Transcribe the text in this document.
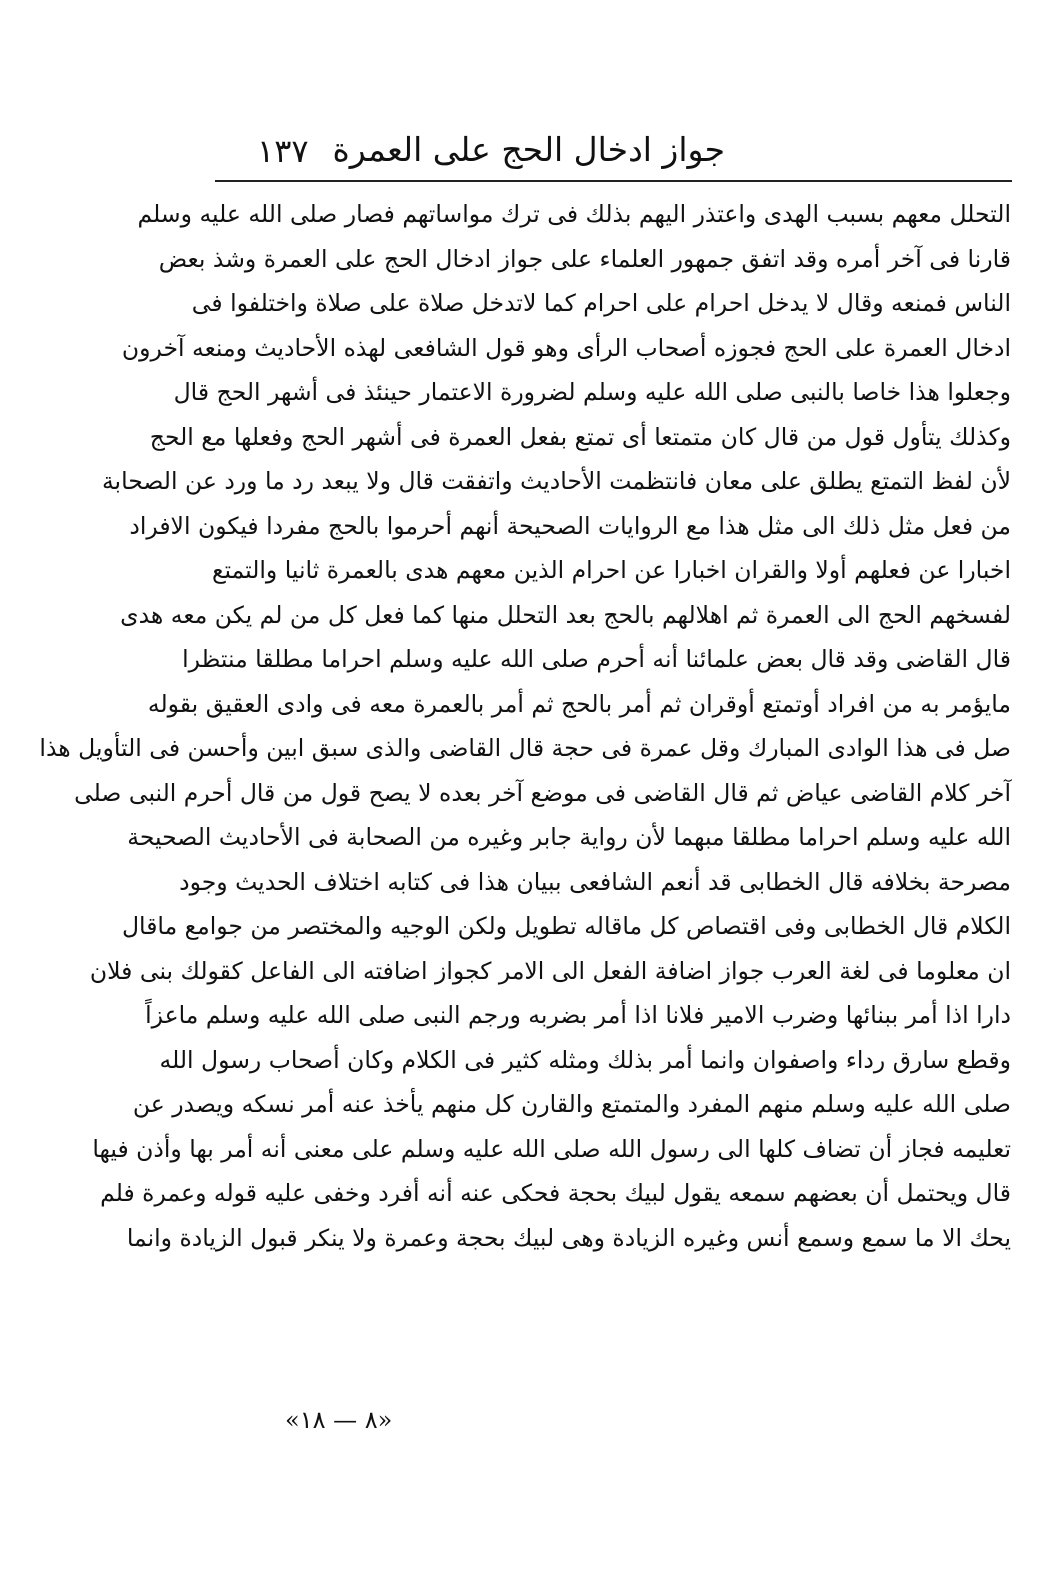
جواز ادخال الحج على العمرة
١٣٧
التحلل معهم بسبب الهدى واعتذر اليهم بذلك فى ترك مواساتهم فصار صلى الله عليه وسلم
قارنا فى آخر أمره وقد اتفق جمهور العلماء على جواز ادخال الحج على العمرة وشذ بعض
الناس فمنعه وقال لا يدخل احرام على احرام كما لاتدخل صلاة على صلاة واختلفوا فى
ادخال العمرة على الحج فجوزه أصحاب الرأى وهو قول الشافعى لهذه الأحاديث ومنعه آخرون
وجعلوا هذا خاصا بالنبى صلى الله عليه وسلم لضرورة الاعتمار حينئذ فى أشهر الحج قال
وكذلك يتأول قول من قال كان متمتعا أى تمتع بفعل العمرة فى أشهر الحج وفعلها مع الحج
لأن لفظ التمتع يطلق على معان فانتظمت الأحاديث واتفقت قال ولا يبعد رد ما ورد عن الصحابة
من فعل مثل ذلك الى مثل هذا مع الروايات الصحيحة أنهم أحرموا بالحج مفردا فيكون الافراد
اخبارا عن فعلهم أولا والقران اخبارا عن احرام الذين معهم هدى بالعمرة ثانيا والتمتع
لفسخهم الحج الى العمرة ثم اهلالهم بالحج بعد التحلل منها كما فعل كل من لم يكن معه هدى
قال القاضى وقد قال بعض علمائنا أنه أحرم صلى الله عليه وسلم احراما مطلقا منتظرا
مايؤمر به من افراد أوتمتع أوقران ثم أمر بالحج ثم أمر بالعمرة معه فى وادى العقيق بقوله
صل فى هذا الوادى المبارك وقل عمرة فى حجة قال القاضى والذى سبق ابين وأحسن فى التأويل هذا
آخر كلام القاضى عياض ثم قال القاضى فى موضع آخر بعده لا يصح قول من قال أحرم النبى صلى
الله عليه وسلم احراما مطلقا مبهما لأن رواية جابر وغيره من الصحابة فى الأحاديث الصحيحة
مصرحة بخلافه قال الخطابى قد أنعم الشافعى ببيان هذا فى كتابه اختلاف الحديث وجود
الكلام قال الخطابى وفى اقتصاص كل ماقاله تطويل ولكن الوجيه والمختصر من جوامع ماقال
ان معلوما فى لغة العرب جواز اضافة الفعل الى الامر كجواز اضافته الى الفاعل كقولك بنى فلان
دارا اذا أمر ببنائها وضرب الامير فلانا اذا أمر بضربه ورجم النبى صلى الله عليه وسلم ماعزاً
وقطع سارق رداء واصفوان وانما أمر بذلك ومثله كثير فى الكلام وكان أصحاب رسول الله
صلى الله عليه وسلم منهم المفرد والمتمتع والقارن كل منهم يأخذ عنه أمر نسكه ويصدر عن
تعليمه فجاز أن تضاف كلها الى رسول الله صلى الله عليه وسلم على معنى أنه أمر بها وأذن فيها
قال ويحتمل أن بعضهم سمعه يقول لبيك بحجة فحكى عنه أنه أفرد وخفى عليه قوله وعمرة فلم
يحك الا ما سمع وسمع أنس وغيره الزيادة وهى لبيك بحجة وعمرة ولا ينكر قبول الزيادة وانما
«٨ — ١٨»
